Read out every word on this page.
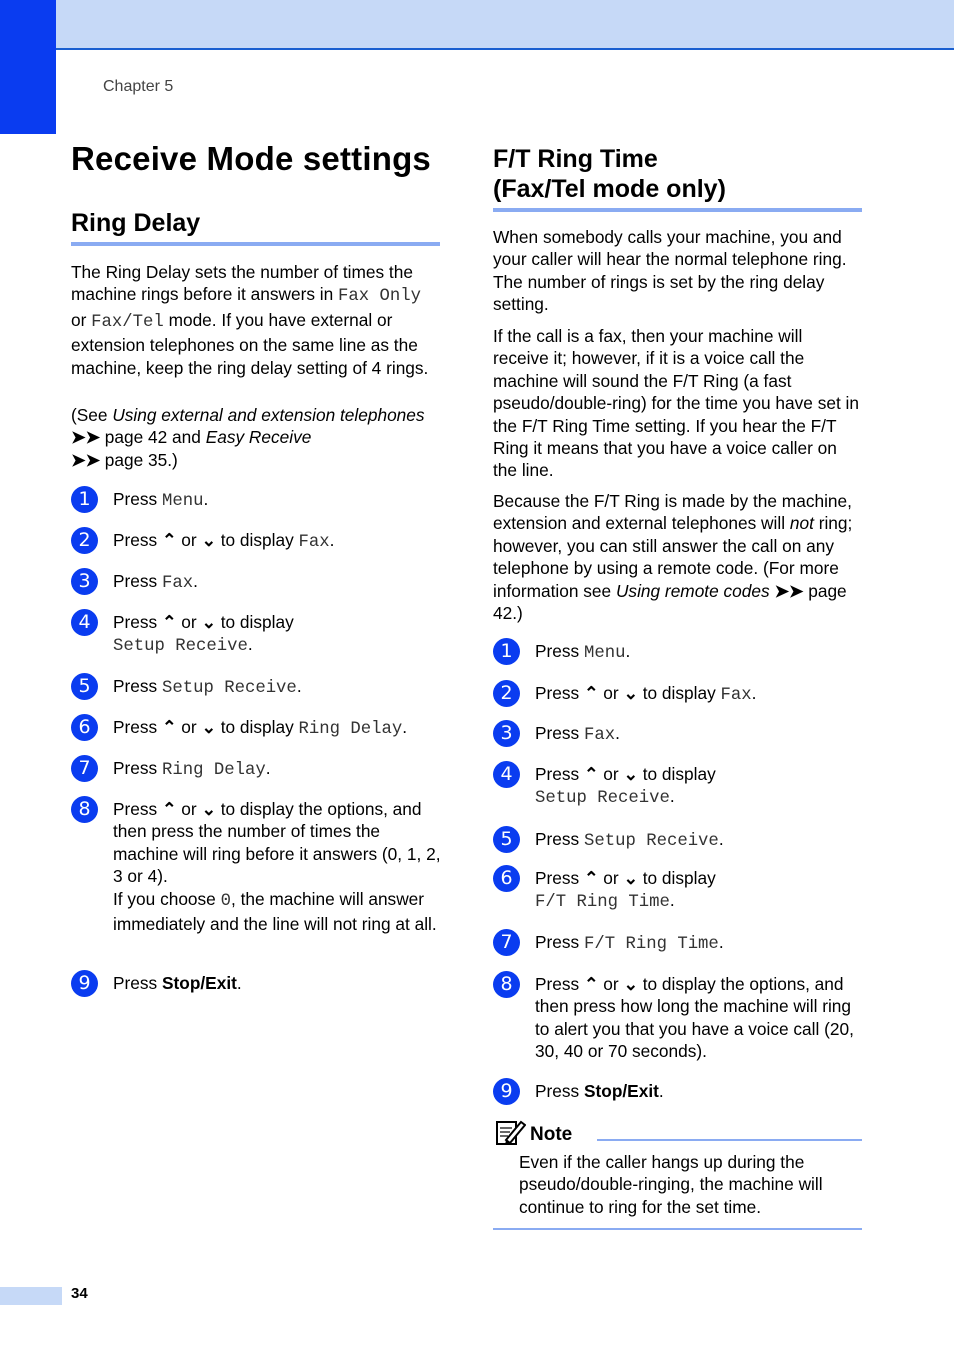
Chapter 5
Receive Mode settings
Ring Delay

The Ring Delay sets the number of times the machine rings before it answers in Fax Only or Fax/Tel mode. If you have external or extension telephones on the same line as the machine, keep the ring delay setting of 4 rings.

(See Using external and extension telephones ➤➤ page 42 and Easy Receive
➤➤ page 35.)

1	Press Menu.
2	Press ⌃ or ⌄ to display Fax.
3	Press Fax.
4	Press ⌃ or ⌄ to display
Setup Receive.
5	Press Setup Receive.
6	Press ⌃ or ⌄ to display Ring Delay.
7	Press Ring Delay.
8	Press ⌃ or ⌄ to display the options, and then press the number of times the machine will ring before it answers (0, 1, 2, 3 or 4).
If you choose 0, the machine will answer immediately and the line will not ring at all.
9	Press Stop/Exit.
F/T Ring Time
(Fax/Tel mode only)

When somebody calls your machine, you and your caller will hear the normal telephone ring. The number of rings is set by the ring delay setting.

If the call is a fax, then your machine will receive it; however, if it is a voice call the machine will sound the F/T Ring (a fast pseudo/double-ring) for the time you have set in the F/T Ring Time setting. If you hear the F/T Ring it means that you have a voice caller on the line.

Because the F/T Ring is made by the machine, extension and external telephones will not ring; however, you can still answer the call on any telephone by using a remote code. (For more information see Using remote codes ➤➤ page 42.)

1	Press Menu.
2	Press ⌃ or ⌄ to display Fax.
3	Press Fax.
4	Press ⌃ or ⌄ to display
Setup Receive.
5	Press Setup Receive.
6	Press ⌃ or ⌄ to display
F/T Ring Time.
7	Press F/T Ring Time.
8	Press ⌃ or ⌄ to display the options, and then press how long the machine will ring to alert you that you have a voice call (20, 30, 40 or 70 seconds).
9	Press Stop/Exit.
Note

Even if the caller hangs up during the pseudo/double-ringing, the machine will continue to ring for the set time.

34
